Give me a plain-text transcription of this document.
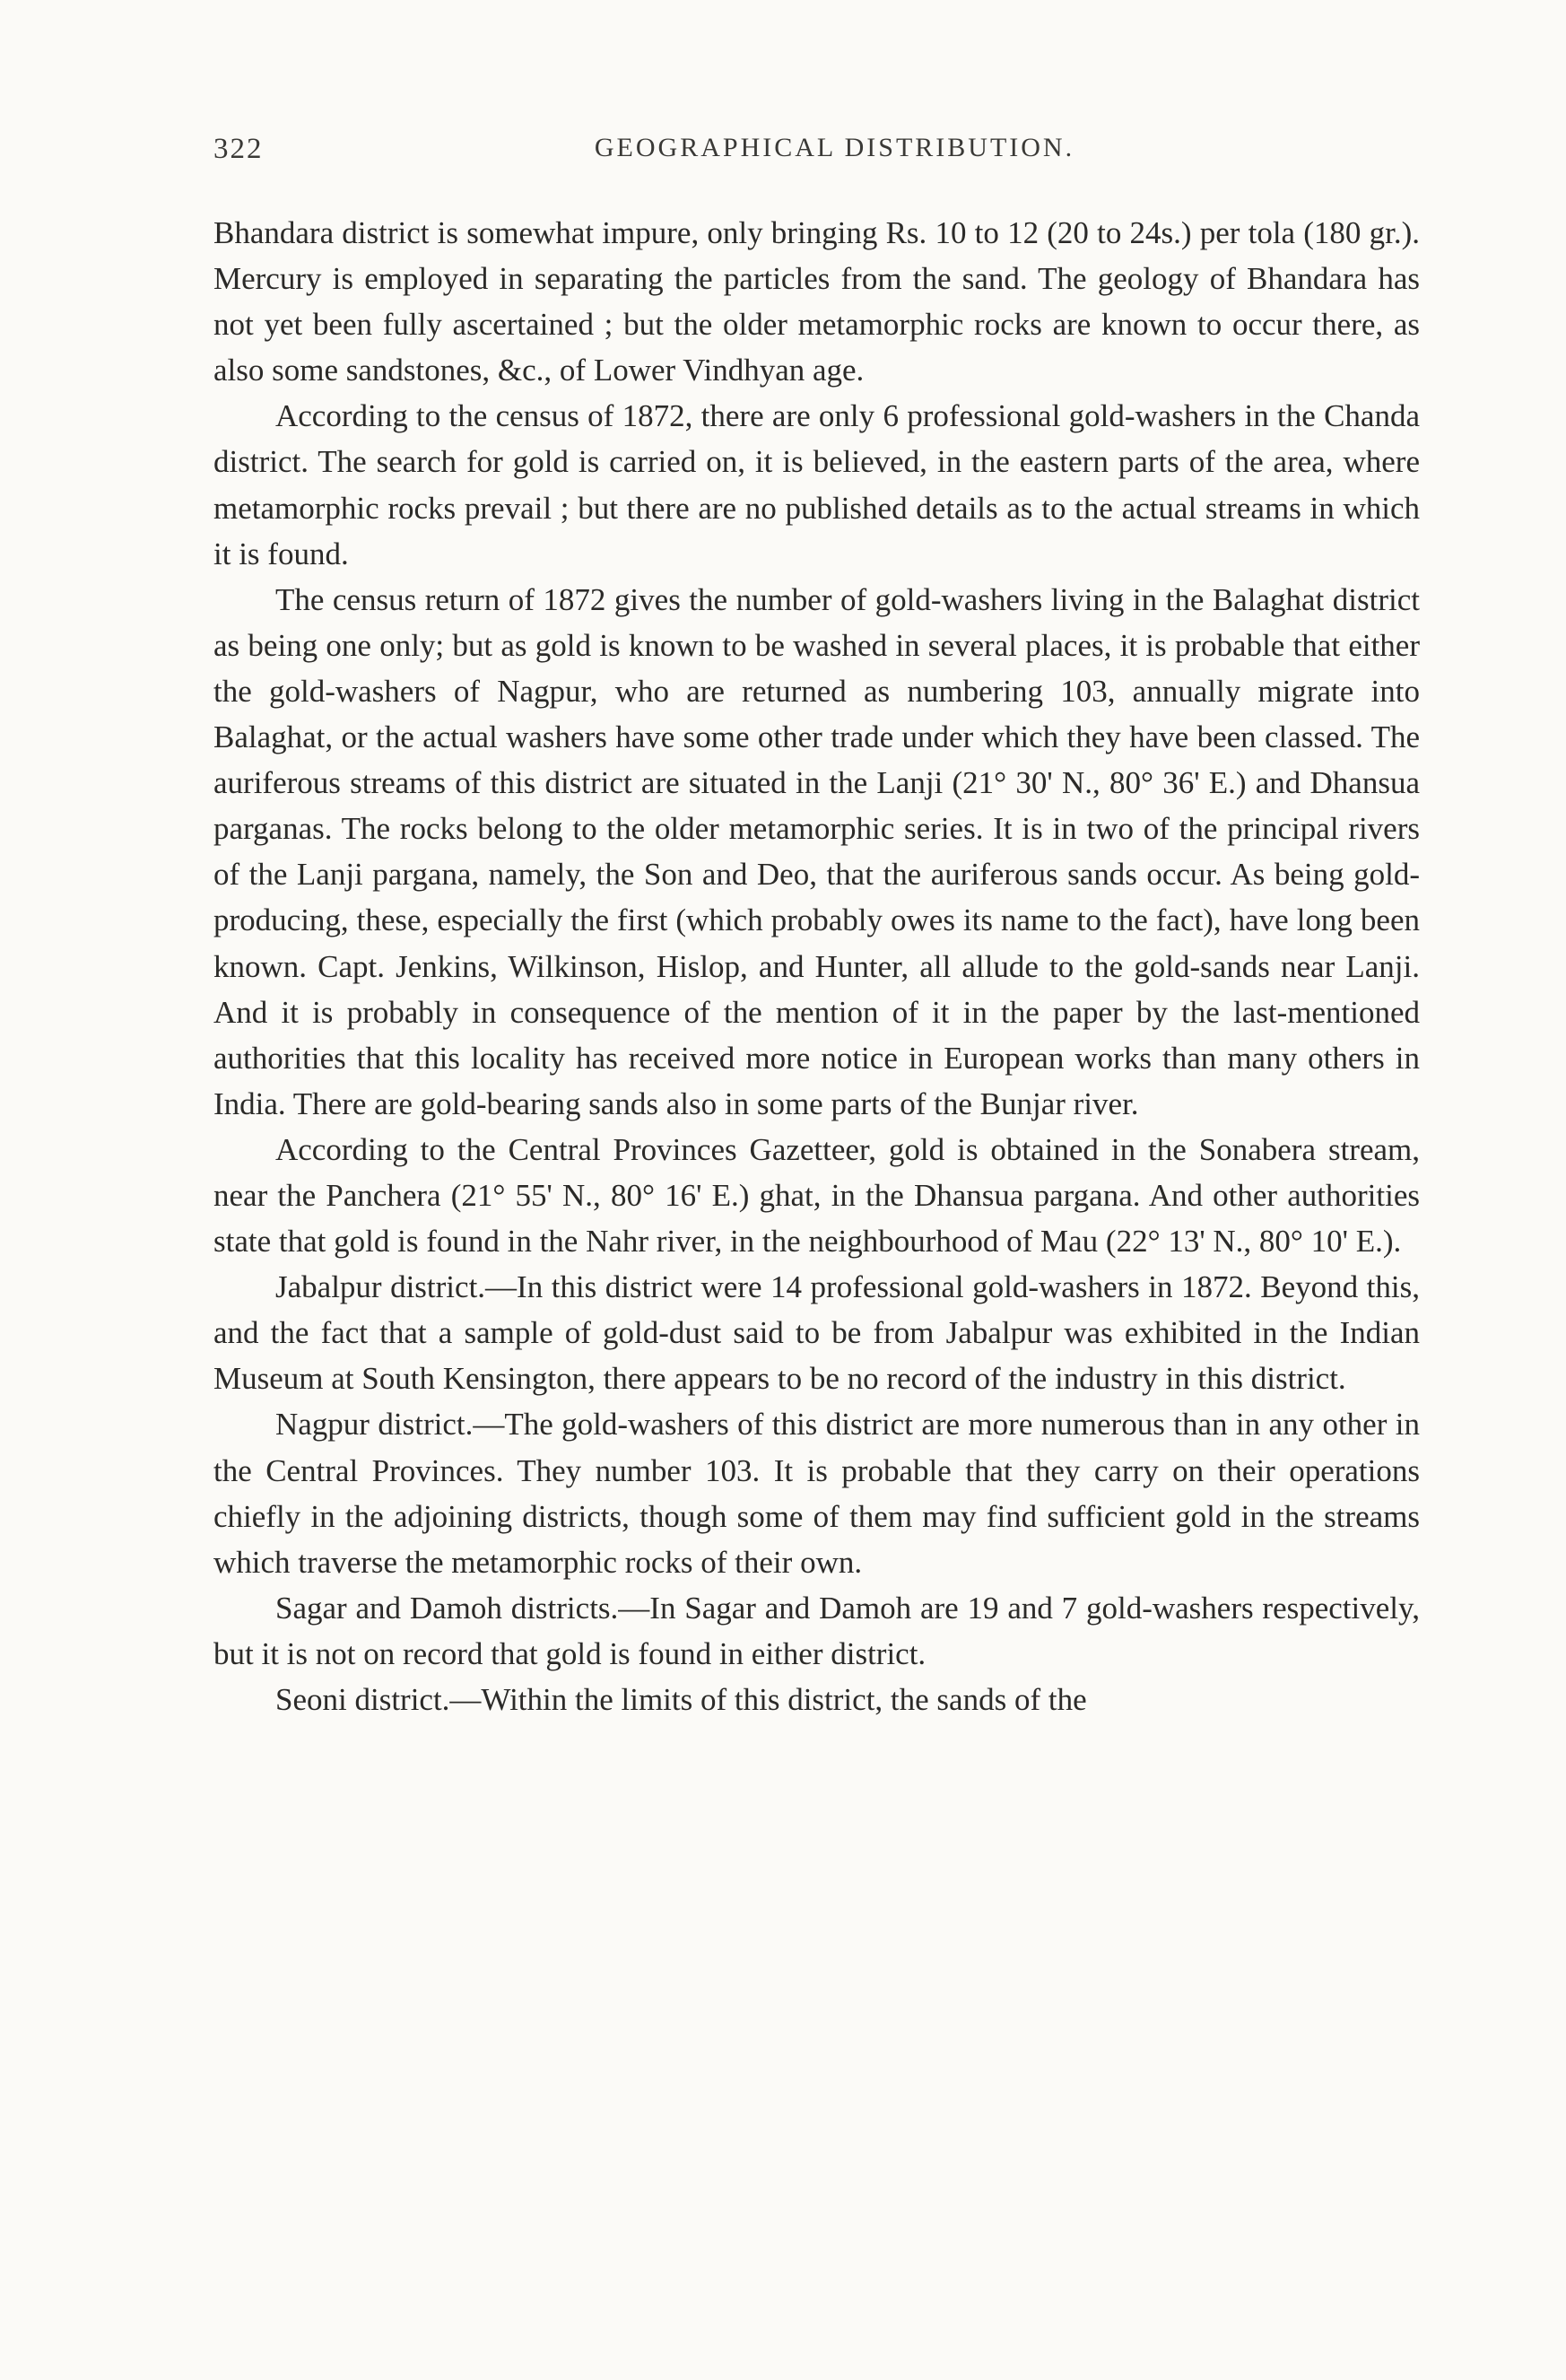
322	GEOGRAPHICAL DISTRIBUTION.

Bhandara district is somewhat impure, only bringing Rs. 10 to 12 (20 to 24s.) per tola (180 gr.). Mercury is employed in separating the particles from the sand. The geology of Bhandara has not yet been fully ascertained ; but the older metamorphic rocks are known to occur there, as also some sandstones, &c., of Lower Vindhyan age.

According to the census of 1872, there are only 6 professional gold-washers in the Chanda district. The search for gold is carried on, it is believed, in the eastern parts of the area, where metamorphic rocks prevail ; but there are no published details as to the actual streams in which it is found.

The census return of 1872 gives the number of gold-washers living in the Balaghat district as being one only; but as gold is known to be washed in several places, it is probable that either the gold-washers of Nagpur, who are returned as numbering 103, annually migrate into Balaghat, or the actual washers have some other trade under which they have been classed. The auriferous streams of this district are situated in the Lanji (21° 30' N., 80° 36' E.) and Dhansua parganas. The rocks belong to the older metamorphic series. It is in two of the principal rivers of the Lanji pargana, namely, the Son and Deo, that the auriferous sands occur. As being gold-producing, these, especially the first (which probably owes its name to the fact), have long been known. Capt. Jenkins, Wilkinson, Hislop, and Hunter, all allude to the gold-sands near Lanji. And it is probably in consequence of the mention of it in the paper by the last-mentioned authorities that this locality has received more notice in European works than many others in India. There are gold-bearing sands also in some parts of the Bunjar river.

According to the Central Provinces Gazetteer, gold is obtained in the Sonabera stream, near the Panchera (21° 55' N., 80° 16' E.) ghat, in the Dhansua pargana. And other authorities state that gold is found in the Nahr river, in the neighbourhood of Mau (22° 13' N., 80° 10' E.).

Jabalpur district.—In this district were 14 professional gold-washers in 1872. Beyond this, and the fact that a sample of gold-dust said to be from Jabalpur was exhibited in the Indian Museum at South Kensington, there appears to be no record of the industry in this district.

Nagpur district.—The gold-washers of this district are more numerous than in any other in the Central Provinces. They number 103. It is probable that they carry on their operations chiefly in the adjoining districts, though some of them may find sufficient gold in the streams which traverse the metamorphic rocks of their own.

Sagar and Damoh districts.—In Sagar and Damoh are 19 and 7 gold-washers respectively, but it is not on record that gold is found in either district.

Seoni district.—Within the limits of this district, the sands of the
